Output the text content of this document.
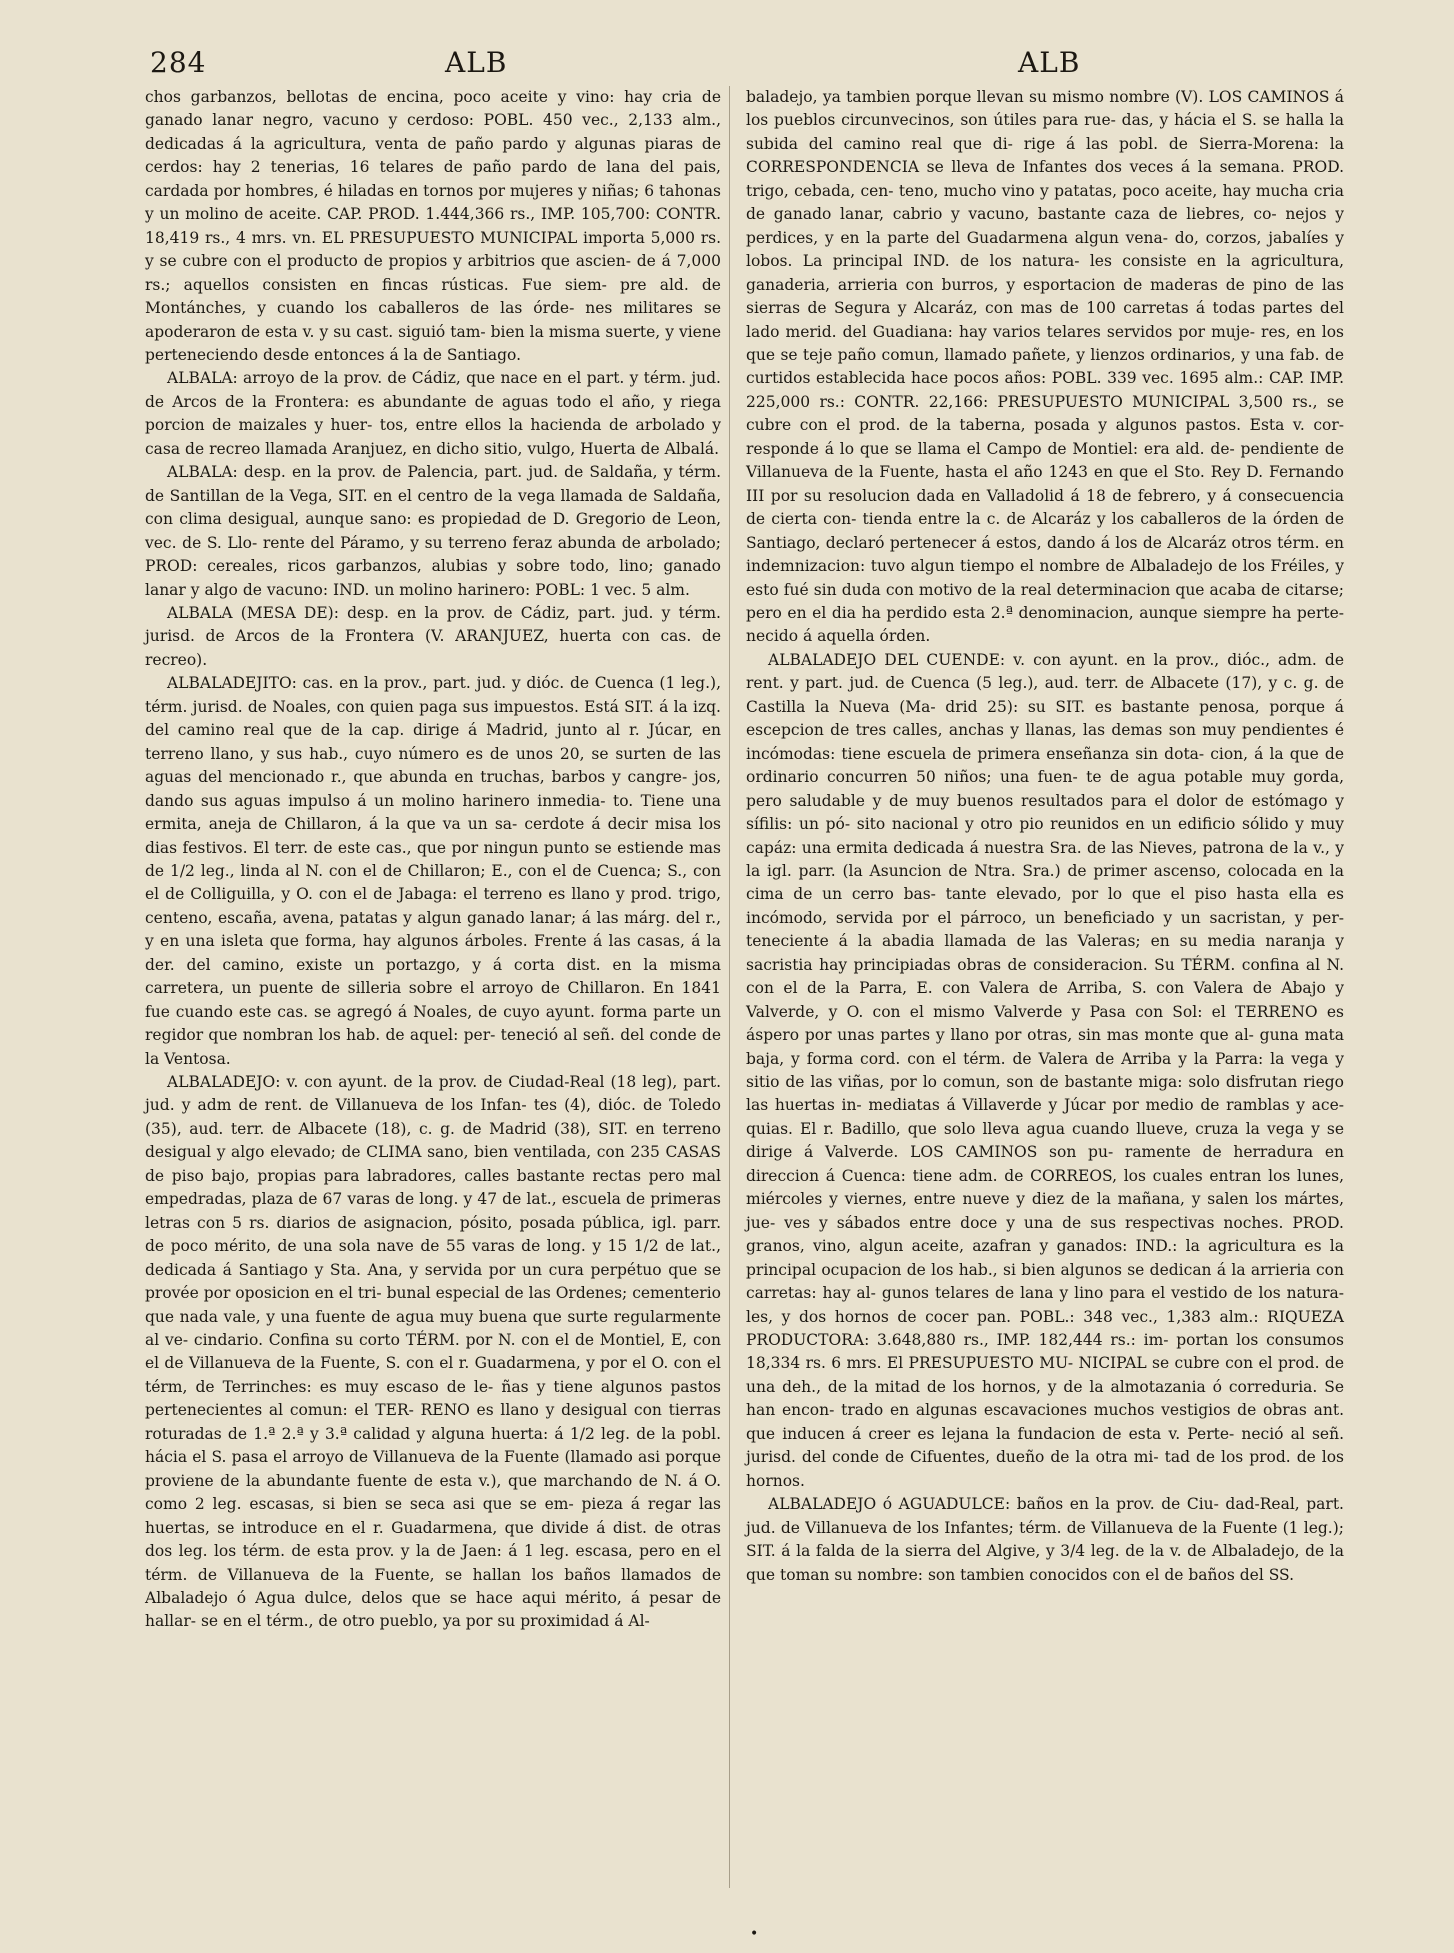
284	ALB	ALB

chos garbanzos, bellotas de encina, poco aceite y vino: hay cria de ganado lanar negro, vacuno y cerdoso: POBL. 450 vec., 2,133 alm., dedicadas á la agricultura, venta de paño pardo y algunas piaras de cerdos: hay 2 tenerias, 16 telares de paño pardo de lana del pais, cardada por hombres, é hiladas en tornos por mujeres y niñas; 6 tahonas y un molino de aceite. CAP. PROD. 1.444,366 rs., IMP. 105,700: CONTR. 18,419 rs., 4 mrs. vn. EL PRESUPUESTO MUNICIPAL importa 5,000 rs. y se cubre con el producto de propios y arbitrios que ascien- de á 7,000 rs.; aquellos consisten en fincas rústicas. Fue siem- pre ald. de Montánches, y cuando los caballeros de las órde- nes militares se apoderaron de esta v. y su cast. siguió tam- bien la misma suerte, y viene perteneciendo desde entonces á la de Santiago.

ALBALA: arroyo de la prov. de Cádiz, que nace en el part. y térm. jud. de Arcos de la Frontera: es abundante de aguas todo el año, y riega porcion de maizales y huer- tos, entre ellos la hacienda de arbolado y casa de recreo llamada Aranjuez, en dicho sitio, vulgo, Huerta de Albalá.

ALBALA: desp. en la prov. de Palencia, part. jud. de Saldaña, y térm. de Santillan de la Vega, SIT. en el centro de la vega llamada de Saldaña, con clima desigual, aunque sano: es propiedad de D. Gregorio de Leon, vec. de S. Llo- rente del Páramo, y su terreno feraz abunda de arbolado; PROD: cereales, ricos garbanzos, alubias y sobre todo, lino; ganado lanar y algo de vacuno: IND. un molino harinero: POBL: 1 vec. 5 alm.

ALBALA (MESA DE): desp. en la prov. de Cádiz, part. jud. y térm. jurisd. de Arcos de la Frontera (V. ARANJUEZ, huerta con cas. de recreo).

ALBALADEJITO: cas. en la prov., part. jud. y dióc. de Cuenca (1 leg.), térm. jurisd. de Noales, con quien paga sus impuestos. Está SIT. á la izq. del camino real que de la cap. dirige á Madrid, junto al r. Júcar, en terreno llano, y sus hab., cuyo número es de unos 20, se surten de las aguas del mencionado r., que abunda en truchas, barbos y cangre- jos, dando sus aguas impulso á un molino harinero inmedia- to. Tiene una ermita, aneja de Chillaron, á la que va un sa- cerdote á decir misa los dias festivos. El terr. de este cas., que por ningun punto se estiende mas de 1/2 leg., linda al N. con el de Chillaron; E., con el de Cuenca; S., con el de Colliguilla, y O. con el de Jabaga: el terreno es llano y prod. trigo, centeno, escaña, avena, patatas y algun ganado lanar; á las márg. del r., y en una isleta que forma, hay algunos árboles. Frente á las casas, á la der. del camino, existe un portazgo, y á corta dist. en la misma carretera, un puente de silleria sobre el arroyo de Chillaron. En 1841 fue cuando este cas. se agregó á Noales, de cuyo ayunt. forma parte un regidor que nombran los hab. de aquel: per- teneció al señ. del conde de la Ventosa.

ALBALADEJO: v. con ayunt. de la prov. de Ciudad-Real (18 leg), part. jud. y adm de rent. de Villanueva de los Infan- tes (4), dióc. de Toledo (35), aud. terr. de Albacete (18), c. g. de Madrid (38), SIT. en terreno desigual y algo elevado; de CLIMA sano, bien ventilada, con 235 CASAS de piso bajo, propias para labradores, calles bastante rectas pero mal empedradas, plaza de 67 varas de long. y 47 de lat., escuela de primeras letras con 5 rs. diarios de asignacion, pósito, posada pública, igl. parr. de poco mérito, de una sola nave de 55 varas de long. y 15 1/2 de lat., dedicada á Santiago y Sta. Ana, y servida por un cura perpétuo que se provée por oposicion en el tri- bunal especial de las Ordenes; cementerio que nada vale, y una fuente de agua muy buena que surte regularmente al ve- cindario. Confina su corto TÉRM. por N. con el de Montiel, E, con el de Villanueva de la Fuente, S. con el r. Guadarmena, y por el O. con el térm, de Terrinches: es muy escaso de le- ñas y tiene algunos pastos pertenecientes al comun: el TER- RENO es llano y desigual con tierras roturadas de 1.ª 2.ª y 3.ª calidad y alguna huerta: á 1/2 leg. de la pobl. hácia el S. pasa el arroyo de Villanueva de la Fuente (llamado asi porque proviene de la abundante fuente de esta v.), que marchando de N. á O. como 2 leg. escasas, si bien se seca asi que se em- pieza á regar las huertas, se introduce en el r. Guadarmena, que divide á dist. de otras dos leg. los térm. de esta prov. y la de Jaen: á 1 leg. escasa, pero en el térm. de Villanueva de la Fuente, se hallan los baños llamados de Albaladejo ó Agua dulce, delos que se hace aqui mérito, á pesar de hallar- se en el térm., de otro pueblo, ya por su proximidad á Al-

baladejo, ya tambien porque llevan su mismo nombre (V). LOS CAMINOS á los pueblos circunvecinos, son útiles para rue- das, y hácia el S. se halla la subida del camino real que di- rige á las pobl. de Sierra-Morena: la CORRESPONDENCIA se lleva de Infantes dos veces á la semana. PROD. trigo, cebada, cen- teno, mucho vino y patatas, poco aceite, hay mucha cria de ganado lanar, cabrio y vacuno, bastante caza de liebres, co- nejos y perdices, y en la parte del Guadarmena algun vena- do, corzos, jabalíes y lobos. La principal IND. de los natura- les consiste en la agricultura, ganaderia, arrieria con burros, y esportacion de maderas de pino de las sierras de Segura y Alcaráz, con mas de 100 carretas á todas partes del lado merid. del Guadiana: hay varios telares servidos por muje- res, en los que se teje paño comun, llamado pañete, y lienzos ordinarios, y una fab. de curtidos establecida hace pocos años: POBL. 339 vec. 1695 alm.: CAP. IMP. 225,000 rs.: CONTR. 22,166: PRESUPUESTO MUNICIPAL 3,500 rs., se cubre con el prod. de la taberna, posada y algunos pastos. Esta v. cor- responde á lo que se llama el Campo de Montiel: era ald. de- pendiente de Villanueva de la Fuente, hasta el año 1243 en que el Sto. Rey D. Fernando III por su resolucion dada en Valladolid á 18 de febrero, y á consecuencia de cierta con- tienda entre la c. de Alcaráz y los caballeros de la órden de Santiago, declaró pertenecer á estos, dando á los de Alcaráz otros térm. en indemnizacion: tuvo algun tiempo el nombre de Albaladejo de los Fréiles, y esto fué sin duda con motivo de la real determinacion que acaba de citarse; pero en el dia ha perdido esta 2.ª denominacion, aunque siempre ha perte- necido á aquella órden.

ALBALADEJO DEL CUENDE: v. con ayunt. en la prov., dióc., adm. de rent. y part. jud. de Cuenca (5 leg.), aud. terr. de Albacete (17), y c. g. de Castilla la Nueva (Ma- drid 25): su SIT. es bastante penosa, porque á escepcion de tres calles, anchas y llanas, las demas son muy pendientes é incómodas: tiene escuela de primera enseñanza sin dota- cion, á la que de ordinario concurren 50 niños; una fuen- te de agua potable muy gorda, pero saludable y de muy buenos resultados para el dolor de estómago y sífilis: un pó- sito nacional y otro pio reunidos en un edificio sólido y muy capáz: una ermita dedicada á nuestra Sra. de las Nieves, patrona de la v., y la igl. parr. (la Asuncion de Ntra. Sra.) de primer ascenso, colocada en la cima de un cerro bas- tante elevado, por lo que el piso hasta ella es incómodo, servida por el párroco, un beneficiado y un sacristan, y per- teneciente á la abadia llamada de las Valeras; en su media naranja y sacristia hay principiadas obras de consideracion. Su TÉRM. confina al N. con el de la Parra, E. con Valera de Arriba, S. con Valera de Abajo y Valverde, y O. con el mismo Valverde y Pasa con Sol: el TERRENO es áspero por unas partes y llano por otras, sin mas monte que al- guna mata baja, y forma cord. con el térm. de Valera de Arriba y la Parra: la vega y sitio de las viñas, por lo comun, son de bastante miga: solo disfrutan riego las huertas in- mediatas á Villaverde y Júcar por medio de ramblas y ace- quias. El r. Badillo, que solo lleva agua cuando llueve, cruza la vega y se dirige á Valverde. LOS CAMINOS son pu- ramente de herradura en direccion á Cuenca: tiene adm. de CORREOS, los cuales entran los lunes, miércoles y viernes, entre nueve y diez de la mañana, y salen los mártes, jue- ves y sábados entre doce y una de sus respectivas noches. PROD. granos, vino, algun aceite, azafran y ganados: IND.: la agricultura es la principal ocupacion de los hab., si bien algunos se dedican á la arrieria con carretas: hay al- gunos telares de lana y lino para el vestido de los natura- les, y dos hornos de cocer pan. POBL.: 348 vec., 1,383 alm.: RIQUEZA PRODUCTORA: 3.648,880 rs., IMP. 182,444 rs.: im- portan los consumos 18,334 rs. 6 mrs. El PRESUPUESTO MU- NICIPAL se cubre con el prod. de una deh., de la mitad de los hornos, y de la almotazania ó correduria. Se han encon- trado en algunas escavaciones muchos vestigios de obras ant. que inducen á creer es lejana la fundacion de esta v. Perte- neció al señ. jurisd. del conde de Cifuentes, dueño de la otra mi- tad de los prod. de los hornos.

ALBALADEJO ó AGUADULCE: baños en la prov. de Ciu- dad-Real, part. jud. de Villanueva de los Infantes; térm. de Villanueva de la Fuente (1 leg.); SIT. á la falda de la sierra del Algive, y 3/4 leg. de la v. de Albaladejo, de la que toman su nombre: son tambien conocidos con el de baños del SS.

•
